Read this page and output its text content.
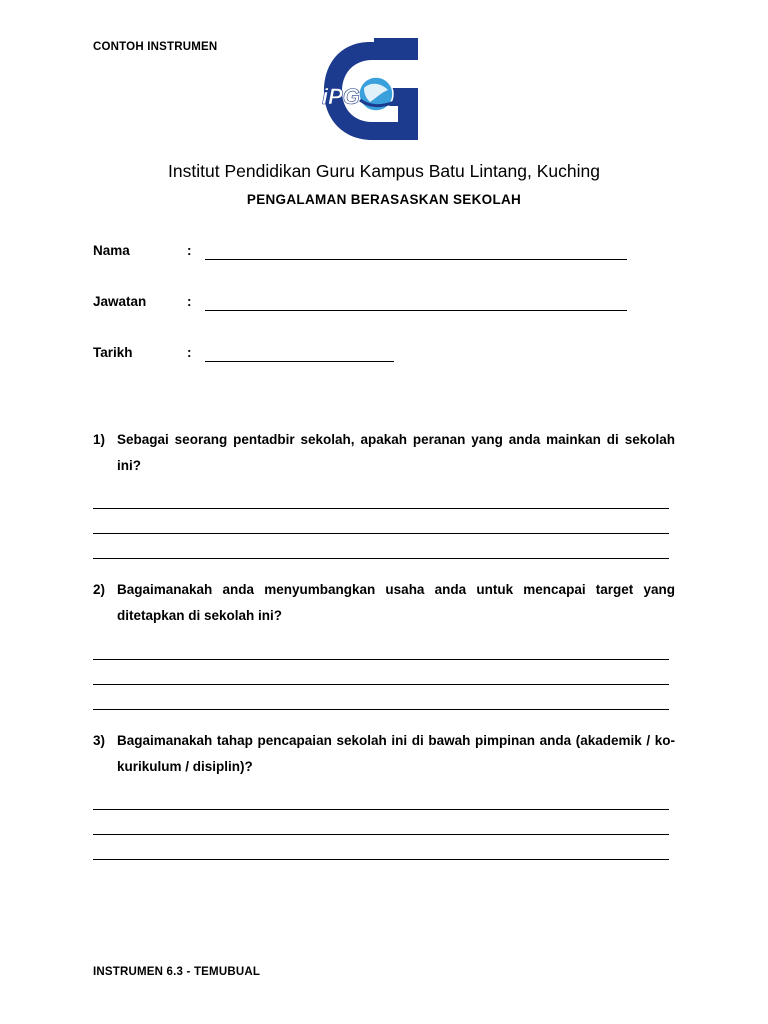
CONTOH INSTRUMEN
iPG
Institut Pendidikan Guru Kampus Batu Lintang, Kuching
PENGALAMAN BERASASKAN SEKOLAH
Nama	:
Jawatan	:
Tarikh	:
1) Sebagai seorang pentadbir sekolah, apakah peranan yang anda mainkan di sekolah ini?
2) Bagaimanakah anda menyumbangkan usaha anda untuk mencapai target yang ditetapkan di sekolah ini?
3) Bagaimanakah tahap pencapaian sekolah ini di bawah pimpinan anda (akademik / ko-kurikulum / disiplin)?
INSTRUMEN 6.3 - TEMUBUAL
